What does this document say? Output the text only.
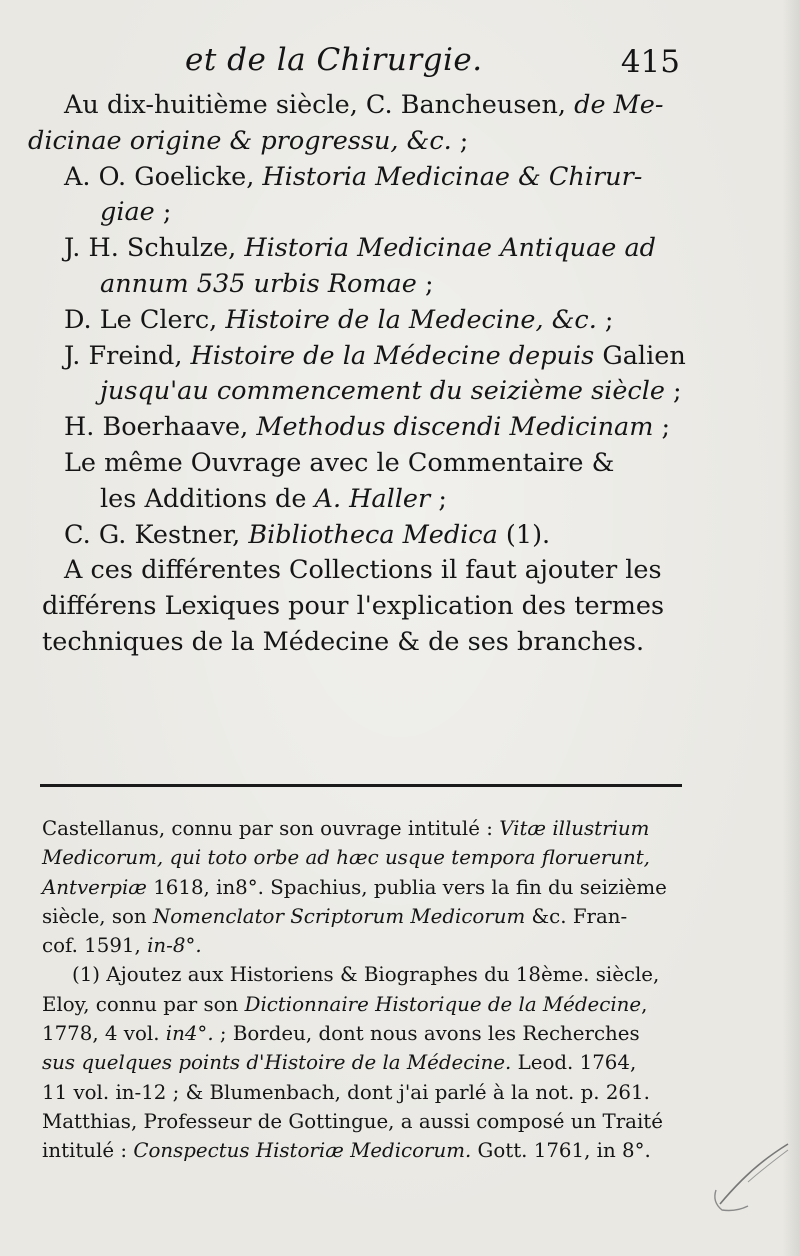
et de la Chirurgie.	415
Au dix-huitième siècle, C. Bancheusen, de Me-
dicinae origine & progressu, &c. ;
A. O. Goelicke, Historia Medicinae & Chirur-
giae ;
J. H. Schulze, Historia Medicinae Antiquae ad
annum 535 urbis Romae ;
D. Le Clerc, Histoire de la Medecine, &c. ;
J. Freind, Histoire de la Médecine depuis Galien
jusqu'au commencement du seizième siècle ;
H. Boerhaave, Methodus discendi Medicinam ;
Le même Ouvrage avec le Commentaire &
les Additions de A. Haller ;
C. G. Kestner, Bibliotheca Medica (1).
A ces différentes Collections il faut ajouter les
différens Lexiques pour l'explication des termes
techniques de la Médecine & de ses branches.
Castellanus, connu par son ouvrage intitulé : Vitæ illustrium
Medicorum, qui toto orbe ad hæc usque tempora floruerunt,
Antverpiæ 1618, in8°. Spachius, publia vers la fin du seizième
siècle, son Nomenclator Scriptorum Medicorum &c. Fran-
cof. 1591, in-8°.
(1) Ajoutez aux Historiens & Biographes du 18ème. siècle,
Eloy, connu par son Dictionnaire Historique de la Médecine,
1778, 4 vol. in4°. ; Bordeu, dont nous avons les Recherches
sus quelques points d'Histoire de la Médecine. Leod. 1764,
11 vol. in-12 ; & Blumenbach, dont j'ai parlé à la not. p. 261.
Matthias, Professeur de Gottingue, a aussi composé un Traité
intitulé : Conspectus Historiæ Medicorum. Gott. 1761, in 8°.
